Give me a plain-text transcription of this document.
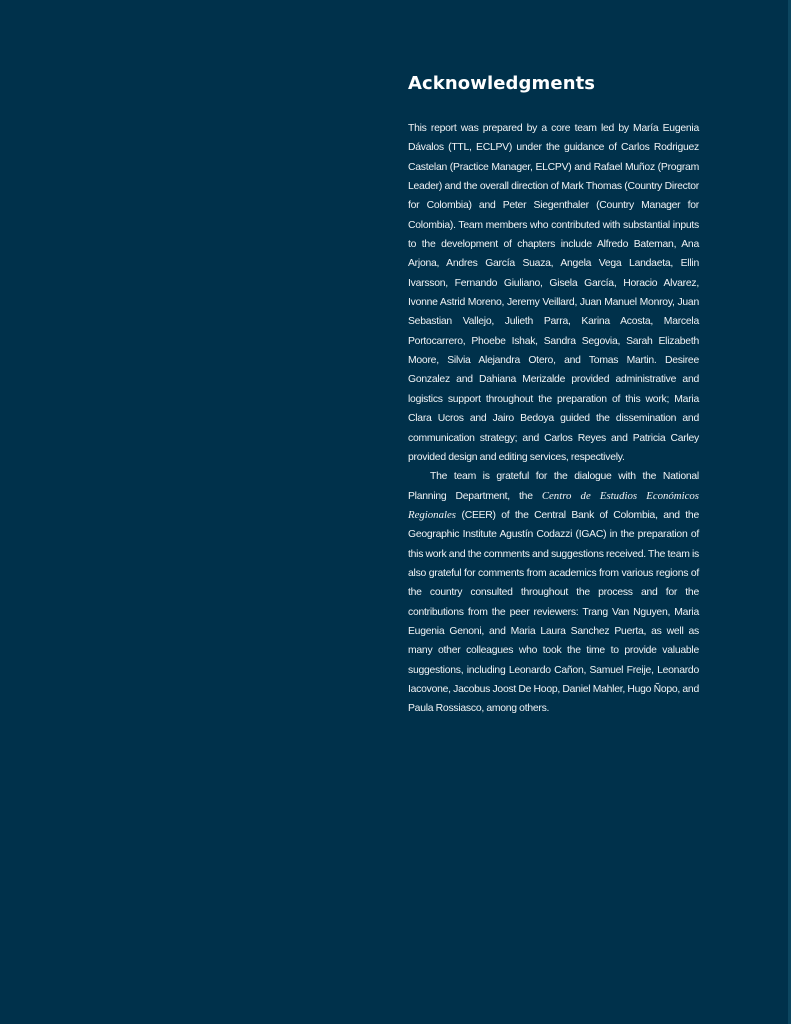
Acknowledgments

This report was prepared by a core team led by María Eugenia Dávalos (TTL, ECLPV) under the guidance of Carlos Rodriguez Castelan (Practice Manager, ELCPV) and Rafael Muñoz (Program Leader) and the overall direction of Mark Thomas (Country Director for Colombia) and Peter Siegenthaler (Country Manager for Colombia). Team members who contributed with substantial inputs to the development of chapters include Alfredo Bateman, Ana Arjona, Andres García Suaza, Angela Vega Landaeta, Ellin Ivarsson, Fernando Giuliano, Gisela García, Horacio Alvarez, Ivonne Astrid Moreno, Jeremy Veillard, Juan Manuel Monroy, Juan Sebastian Vallejo, Julieth Parra, Karina Acosta, Marcela Portocarrero, Phoebe Ishak, Sandra Segovia, Sarah Elizabeth Moore, Silvia Alejandra Otero, and Tomas Martin. Desiree Gonzalez and Dahiana Merizalde provided administrative and logistics support throughout the preparation of this work; Maria Clara Ucros and Jairo Bedoya guided the dissemination and communication strategy; and Carlos Reyes and Patricia Carley provided design and editing services, respectively.

The team is grateful for the dialogue with the National Planning Department, the Centro de Estudios Económicos Regionales (CEER) of the Central Bank of Colombia, and the Geographic Institute Agustín Codazzi (IGAC) in the preparation of this work and the comments and suggestions received. The team is also grateful for comments from academics from various regions of the country consulted throughout the process and for the contributions from the peer reviewers: Trang Van Nguyen, Maria Eugenia Genoni, and Maria Laura Sanchez Puerta, as well as many other colleagues who took the time to provide valuable suggestions, including Leonardo Cañon, Samuel Freije, Leonardo Iacovone, Jacobus Joost De Hoop, Daniel Mahler, Hugo Ñopo, and Paula Rossiasco, among others.
